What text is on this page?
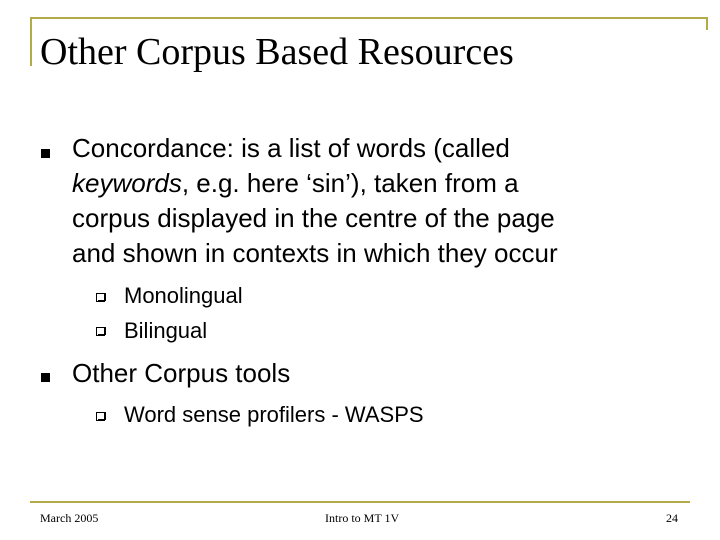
Other Corpus Based Resources
Concordance: is a list of words (called
keywords, e.g. here ‘sin’), taken from a
corpus displayed in the centre of the page
and shown in contexts in which they occur
Monolingual
Bilingual
Other Corpus tools
Word sense profilers - WASPS
March 2005	Intro to MT 1V	24
